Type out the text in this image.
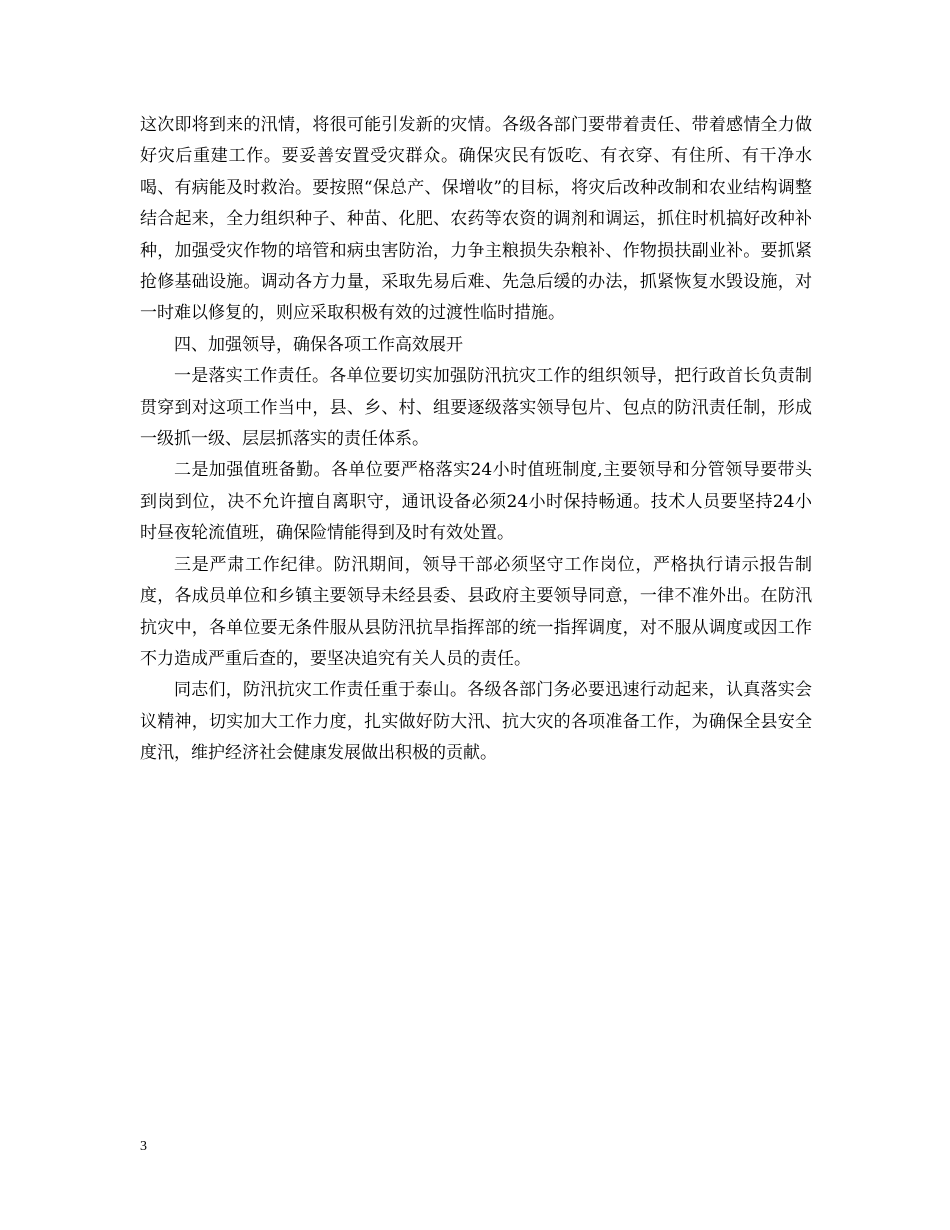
这次即将到来的汛情，将很可能引发新的灾情。各级各部门要带着责任、带着感情全力做好灾后重建工作。要妥善安置受灾群众。确保灾民有饭吃、有衣穿、有住所、有干净水喝、有病能及时救治。要按照“保总产、保增收”的目标，将灾后改种改制和农业结构调整结合起来，全力组织种子、种苗、化肥、农药等农资的调剂和调运，抓住时机搞好改种补种，加强受灾作物的培管和病虫害防治，力争主粮损失杂粮补、作物损扶副业补。要抓紧抢修基础设施。调动各方力量，采取先易后难、先急后缓的办法，抓紧恢复水毁设施，对一时难以修复的，则应采取积极有效的过渡性临时措施。

四、加强领导，确保各项工作高效展开

一是落实工作责任。各单位要切实加强防汛抗灾工作的组织领导，把行政首长负责制贯穿到对这项工作当中，县、乡、村、组要逐级落实领导包片、包点的防汛责任制，形成一级抓一级、层层抓落实的责任体系。

二是加强值班备勤。各单位要严格落实24小时值班制度,主要领导和分管领导要带头到岗到位，决不允许擅自离职守，通讯设备必须24小时保持畅通。技术人员要坚持24小时昼夜轮流值班，确保险情能得到及时有效处置。

三是严肃工作纪律。防汛期间，领导干部必须坚守工作岗位，严格执行请示报告制度，各成员单位和乡镇主要领导未经县委、县政府主要领导同意，一律不准外出。在防汛抗灾中，各单位要无条件服从县防汛抗旱指挥部的统一指挥调度，对不服从调度或因工作不力造成严重后查的，要坚决追究有关人员的责任。

同志们，防汛抗灾工作责任重于泰山。各级各部门务必要迅速行动起来，认真落实会议精神，切实加大工作力度，扎实做好防大汛、抗大灾的各项准备工作，为确保全县安全度汛，维护经济社会健康发展做出积极的贡献。

3
